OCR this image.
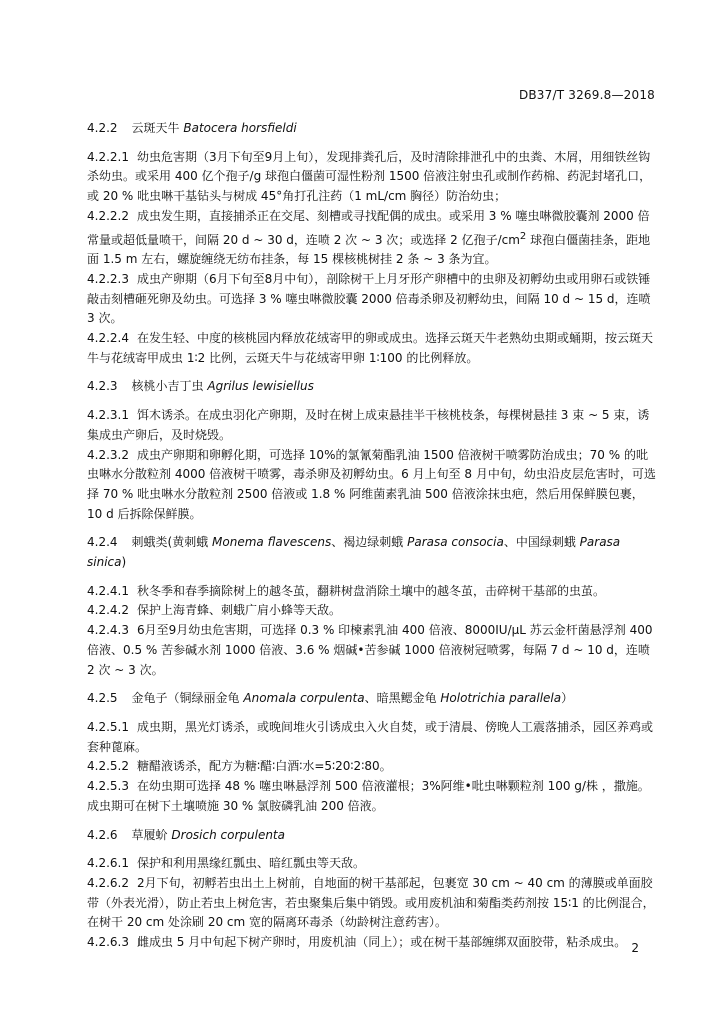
DB37/T 3269.8—2018

4.2.2 云斑天牛 Batocera horsfieldi

4.2.2.1 幼虫危害期（3月下旬至9月上旬），发现排粪孔后，及时清除排泄孔中的虫粪、木屑，用细铁丝钩杀幼虫。或采用 400 亿个孢子/g 球孢白僵菌可湿性粉剂 1500 倍液注射虫孔或制作药棉、药泥封堵孔口，或 20 % 吡虫啉干基钻头与树成 45°角打孔注药（1 mL/cm 胸径）防治幼虫；

4.2.2.2 成虫发生期，直接捕杀正在交尾、刻槽或寻找配偶的成虫。或采用 3 % 噻虫啉微胶囊剂 2000 倍常量或超低量喷干，间隔 20 d ~ 30 d，连喷 2 次 ~ 3 次；或选择 2 亿孢子$/cm^2$ 球孢白僵菌挂条，距地面 1.5 m 左右，螺旋缠绕无纺布挂条，每 15 棵核桃树挂 2 条 ~ 3 条为宜。

4.2.2.3 成虫产卵期（6月下旬至8月中旬），剖除树干上月牙形产卵槽中的虫卵及初孵幼虫或用卵石或铁锤敲击刻槽砸死卵及幼虫。可选择 3 % 噻虫啉微胶囊 2000 倍毒杀卵及初孵幼虫，间隔 10 d ~ 15 d，连喷 3 次。

4.2.2.4 在发生轻、中度的核桃园内释放花绒寄甲的卵或成虫。选择云斑天牛老熟幼虫期或蛹期，按云斑天牛与花绒寄甲成虫 1∶2 比例，云斑天牛与花绒寄甲卵 1∶100 的比例释放。

4.2.3 核桃小吉丁虫 Agrilus lewisiellus

4.2.3.1 饵木诱杀。在成虫羽化产卵期，及时在树上成束悬挂半干核桃枝条，每棵树悬挂 3 束 ~ 5 束，诱集成虫产卵后，及时烧毁。

4.2.3.2 成虫产卵期和卵孵化期，可选择 10%的氯氰菊酯乳油 1500 倍液树干喷雾防治成虫；70 % 的吡虫啉水分散粒剂 4000 倍液树干喷雾，毒杀卵及初孵幼虫。6 月上旬至 8 月中旬，幼虫沿皮层危害时，可选择 70 % 吡虫啉水分散粒剂 2500 倍液或 1.8 % 阿维菌素乳油 500 倍液涂抹虫疤，然后用保鲜膜包裹，10 d 后拆除保鲜膜。

4.2.4 刺蛾类(黄刺蛾 Monema flavescens、褐边绿刺蛾 Parasa consocia、中国绿刺蛾 Parasa sinica)

4.2.4.1 秋冬季和春季摘除树上的越冬茧，翻耕树盘消除土壤中的越冬茧，击碎树干基部的虫茧。

4.2.4.2 保护上海青蜂、刺蛾广肩小蜂等天敌。

4.2.4.3 6月至9月幼虫危害期，可选择 0.3 % 印楝素乳油 400 倍液、8000IU/μL 苏云金杆菌悬浮剂 400 倍液、0.5 % 苦参碱水剂 1000 倍液、3.6 % 烟碱•苦参碱 1000 倍液树冠喷雾，每隔 7 d ~ 10 d，连喷 2 次 ~ 3 次。

4.2.5 金龟子（铜绿丽金龟 Anomala corpulenta、暗黑鳃金龟 Holotrichia parallela）

4.2.5.1 成虫期，黑光灯诱杀，或晚间堆火引诱成虫入火自焚，或于清晨、傍晚人工震落捕杀，园区养鸡或套种蓖麻。

4.2.5.2 糖醋液诱杀，配方为糖∶醋∶白酒∶水=5∶20∶2∶80。

4.2.5.3 在幼虫期可选择 48 % 噻虫啉悬浮剂 500 倍液灌根；3%阿维•吡虫啉颗粒剂 100 g/株 ，撒施。成虫期可在树下土壤喷施 30 % 氯胺磷乳油 200 倍液。

4.2.6 草履蚧 Drosich corpulenta

4.2.6.1 保护和利用黑缘红瓢虫、暗红瓢虫等天敌。

4.2.6.2 2月下旬，初孵若虫出土上树前，自地面的树干基部起，包裹宽 30 cm ~ 40 cm 的薄膜或单面胶带（外表光滑），防止若虫上树危害，若虫聚集后集中销毁。或用废机油和菊酯类药剂按 15∶1 的比例混合，在树干 20 cm 处涂刷 20 cm 宽的隔离环毒杀（幼龄树注意药害）。

4.2.6.3 雌成虫 5 月中旬起下树产卵时，用废机油（同上）；或在树干基部缠绑双面胶带，粘杀成虫。 2
